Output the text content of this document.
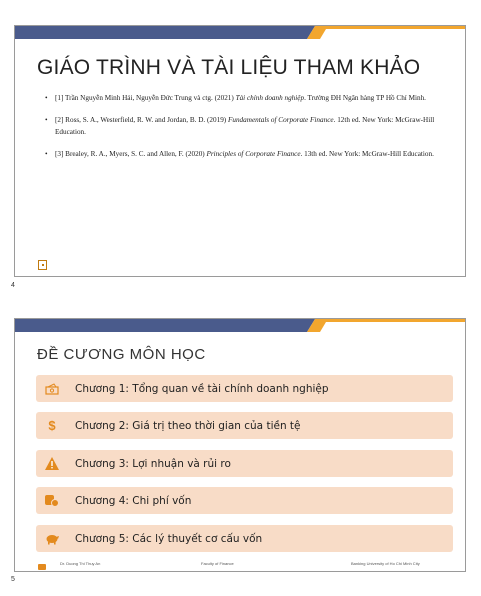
GIÁO TRÌNH VÀ TÀI LIỆU THAM KHẢO
• [1] Trần Nguyễn Minh Hải, Nguyễn Đức Trung và ctg. (2021) Tài chính doanh nghiệp. Trường ĐH Ngân hàng TP Hồ Chí Minh.
• [2] Ross, S. A., Westerfield, R. W. and Jordan, B. D. (2019) Fundamentals of Corporate Finance. 12th ed. New York: McGraw-Hill Education.
• [3] Brealey, R. A., Myers, S. C. and Allen, F. (2020) Principles of Corporate Finance. 13th ed. New York: McGraw-Hill Education.
4
ĐỀ CƯƠNG MÔN HỌC
Chương 1: Tổng quan về tài chính doanh nghiệp
$	Chương 2: Giá trị theo thời gian của tiền tệ
Chương 3: Lợi nhuận và rủi ro
Chương 4: Chi phí vốn
Chương 5: Các lý thuyết cơ cấu vốn
Dr. Duong Thi Thuy An	Faculty of Finance	Banking University of Ho Chi Minh City
5
